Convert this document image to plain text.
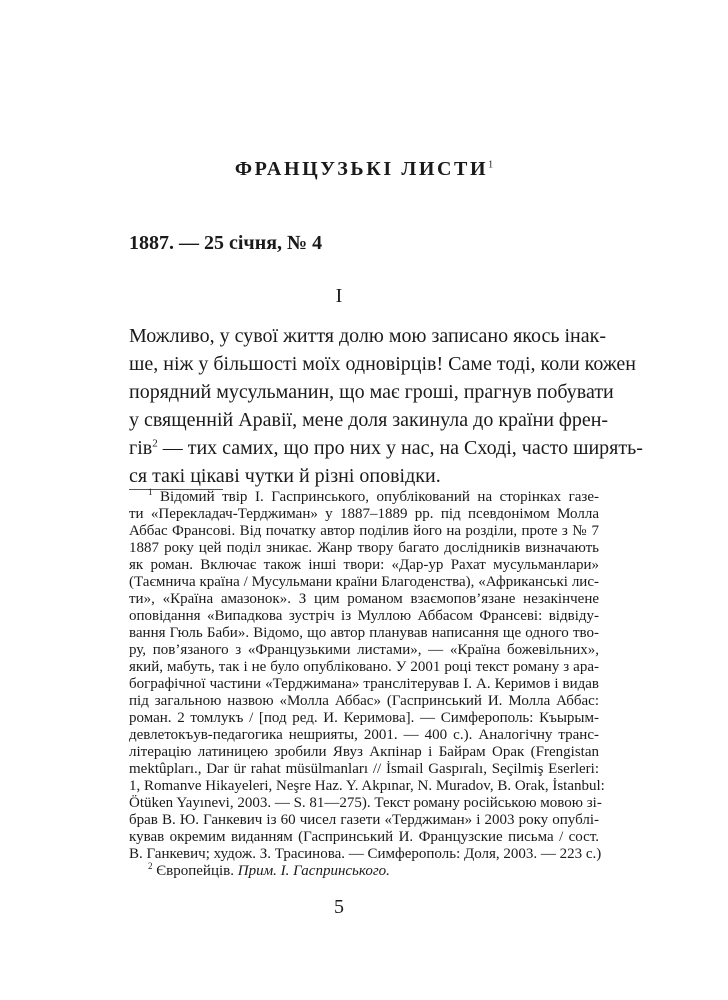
ФРАНЦУЗЬКІ ЛИСТИ$^1$
1887. — 25 січня, № 4
І
Можливо, у сувої життя долю мою записано якось інак-
ше, ніж у більшості моїх одновірців! Саме тоді, коли кожен
порядний мусульманин, що має гроші, прагнув побувати
у священній Аравії, мене доля закинула до країни френ-
гів$^2$ — тих самих, що про них у нас, на Сході, часто ширять-
ся такі цікаві чутки й різні оповідки.
$^1$ Відомий твір І. Гаспринського, опублікований на сторінках газе-
ти «Перекладач-Терджиман» у 1887–1889 рр. під псевдонімом Молла
Аббас Франсові. Від початку автор поділив його на розділи, проте з № 7
1887 року цей поділ зникає. Жанр твору багато дослідників визначають
як роман. Включає також інші твори: «Дар-ур Рахат мусульманлари»
(Таємнича країна / Мусульмани країни Благоденства), «Африканські лис-
ти», «Країна амазонок». З цим романом взаємопов’язане незакінчене
оповідання «Випадкова зустріч із Муллою Аббасом Франсеві: відвіду-
вання Гюль Баби». Відомо, що автор планував написання ще одного тво-
ру, пов’язаного з «Французькими листами», — «Країна божевільних»,
який, мабуть, так і не було опубліковано. У 2001 році текст роману з ара-
бографічної частини «Терджимана» транслітерував І. А. Керимов і видав
під загальною назвою «Молла Аббас» (Гаспринський И. Молла Аббас:
роман. 2 томлукъ / [под ред. И. Керимова]. — Симферополь: Къырым-
девлетокъув-педагогика нешрияты, 2001. — 400 с.). Аналогічну транс-
літерацію латиницею зробили Явуз Акпінар і Байрам Орак (Frengistan
mektûpları., Dar ür rahat müsülmanları // İsmail Gaspıralı, Seçilmiş Eserleri:
1, Romanve Hikayeleri, Neşre Haz. Y. Akpınar, N. Muradov, B. Orak, İstanbul:
Ötüken Yayınevi, 2003. — S. 81—275). Текст роману російською мовою зі-
брав В. Ю. Ганкевич із 60 чисел газети «Терджиман» і 2003 року опублі-
кував окремим виданням (Гаспринський И. Французские письма / сост.
В. Ганкевич; худож. З. Трасинова. — Симферополь: Доля, 2003. — 223 с.)
$^2$ Європейців. Прим. І. Гаспринського.
5
